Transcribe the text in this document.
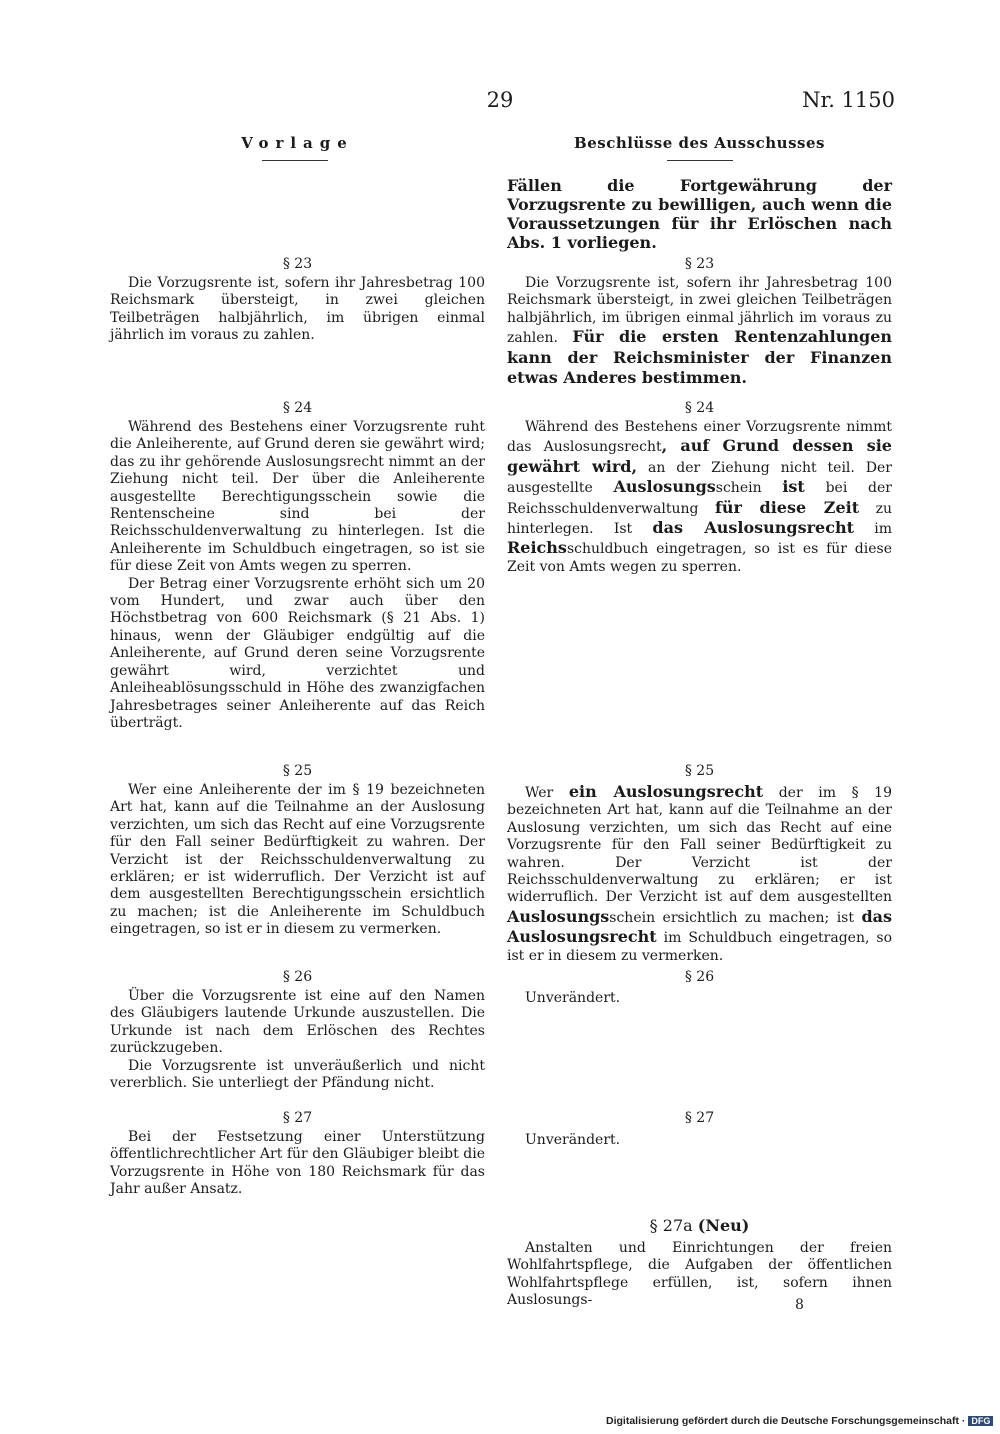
29	Nr. 1150
Vorlage	Beschlüsse des Ausschusses
Fällen die Fortgewährung der Vorzugsrente zu bewilligen, auch wenn die Voraussetzungen für ihr Erlöschen nach Abs. 1 vorliegen.
§ 23

Die Vorzugsrente ist, sofern ihr Jahresbetrag 100 Reichsmark übersteigt, in zwei gleichen Teilbeträgen halbjährlich, im übrigen einmal jährlich im voraus zu zahlen.

§ 24

Während des Bestehens einer Vorzugsrente ruht die Anleiherente, auf Grund deren sie gewährt wird; das zu ihr gehörende Auslosungsrecht nimmt an der Ziehung nicht teil. Der über die Anleiherente ausgestellte Berechtigungsschein sowie die Rentenscheine sind bei der Reichsschuldenverwaltung zu hinterlegen. Ist die Anleiherente im Schuldbuch eingetragen, so ist sie für diese Zeit von Amts wegen zu sperren.

Der Betrag einer Vorzugsrente erhöht sich um 20 vom Hundert, und zwar auch über den Höchstbetrag von 600 Reichsmark (§ 21 Abs. 1) hinaus, wenn der Gläubiger endgültig auf die Anleiherente, auf Grund deren seine Vorzugsrente gewährt wird, verzichtet und Anleiheablösungsschuld in Höhe des zwanzigfachen Jahresbetrages seiner Anleiherente auf das Reich überträgt.

§ 25

Wer eine Anleiherente der im § 19 bezeichneten Art hat, kann auf die Teilnahme an der Auslosung verzichten, um sich das Recht auf eine Vorzugsrente für den Fall seiner Bedürftigkeit zu wahren. Der Verzicht ist der Reichsschuldenverwaltung zu erklären; er ist widerruflich. Der Verzicht ist auf dem ausgestellten Berechtigungsschein ersichtlich zu machen; ist die Anleiherente im Schuldbuch eingetragen, so ist er in diesem zu vermerken.

§ 26

Über die Vorzugsrente ist eine auf den Namen des Gläubigers lautende Urkunde auszustellen. Die Urkunde ist nach dem Erlöschen des Rechtes zurückzugeben.

Die Vorzugsrente ist unveräußerlich und nicht vererblich. Sie unterliegt der Pfändung nicht.

§ 27

Bei der Festsetzung einer Unterstützung öffentlichrechtlicher Art für den Gläubiger bleibt die Vorzugsrente in Höhe von 180 Reichsmark für das Jahr außer Ansatz.

§ 23

Die Vorzugsrente ist, sofern ihr Jahresbetrag 100 Reichsmark übersteigt, in zwei gleichen Teilbeträgen halbjährlich, im übrigen einmal jährlich im voraus zu zahlen. Für die ersten Rentenzahlungen kann der Reichsminister der Finanzen etwas Anderes bestimmen.

§ 24

Während des Bestehens einer Vorzugsrente nimmt das Auslosungsrecht, auf Grund dessen sie gewährt wird, an der Ziehung nicht teil. Der ausgestellte Auslosungsschein ist bei der Reichsschuldenverwaltung für diese Zeit zu hinterlegen. Ist das Auslosungsrecht im Reichsschuldbuch eingetragen, so ist es für diese Zeit von Amts wegen zu sperren.

§ 25

Wer ein Auslosungsrecht der im § 19 bezeichneten Art hat, kann auf die Teilnahme an der Auslosung verzichten, um sich das Recht auf eine Vorzugsrente für den Fall seiner Bedürftigkeit zu wahren. Der Verzicht ist der Reichsschuldenverwaltung zu erklären; er ist widerruflich. Der Verzicht ist auf dem ausgestellten Auslosungsschein ersichtlich zu machen; ist das Auslosungsrecht im Schuldbuch eingetragen, so ist er in diesem zu vermerken.

§ 26

Unverändert.

§ 27

Unverändert.

§ 27a (Neu)

Anstalten und Einrichtungen der freien Wohlfahrtspflege, die Aufgaben der öffentlichen Wohlfahrtspflege erfüllen, ist, sofern ihnen Auslosungs-	8
Digitalisierung gefördert durch die Deutsche Forschungsgemeinschaft · DFG
